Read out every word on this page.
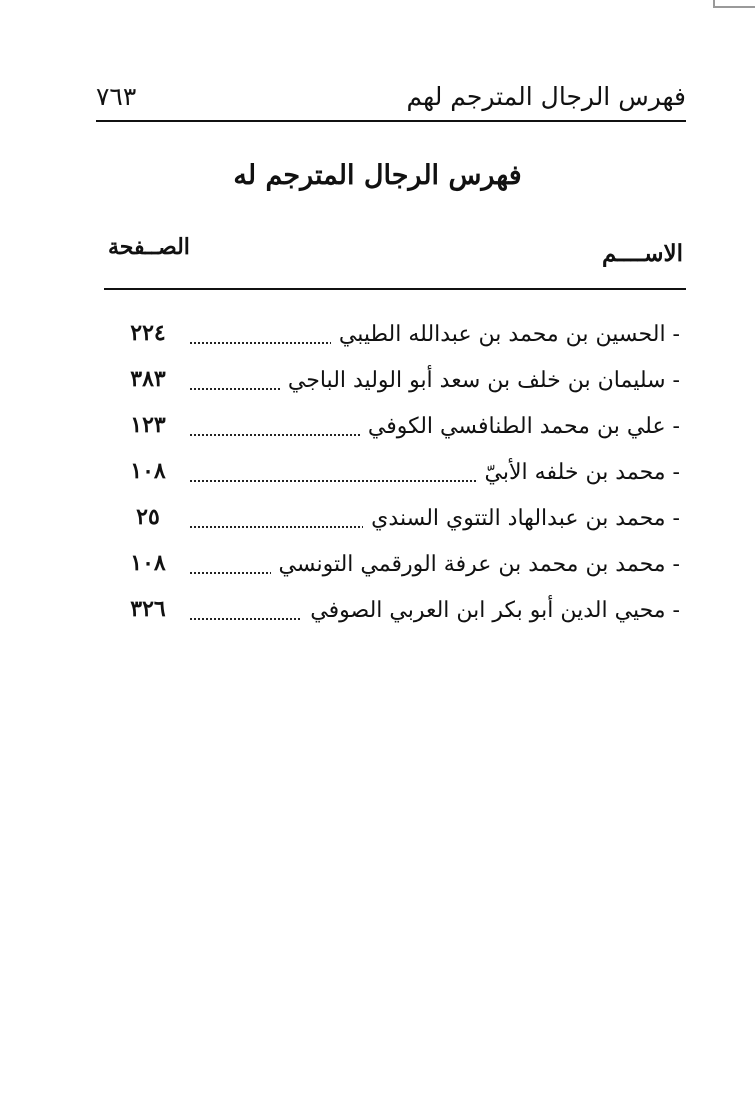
فهرس الرجال المترجم لهم
٧٦٣
فهرس الرجال المترجم له
الاســــم
الصــفحة
- الحسين بن محمد بن عبدالله الطيبي
٢٢٤
- سليمان بن خلف بن سعد أبو الوليد الباجي
٣٨٣
- علي بن محمد الطنافسي الكوفي
١٢٣
- محمد بن خلفه الأبيّ
١٠٨
- محمد بن عبدالهاد التتوي السندي
٢٥
- محمد بن محمد بن عرفة الورقمي التونسي
١٠٨
- محيي الدين أبو بكر ابن العربي الصوفي
٣٢٦
